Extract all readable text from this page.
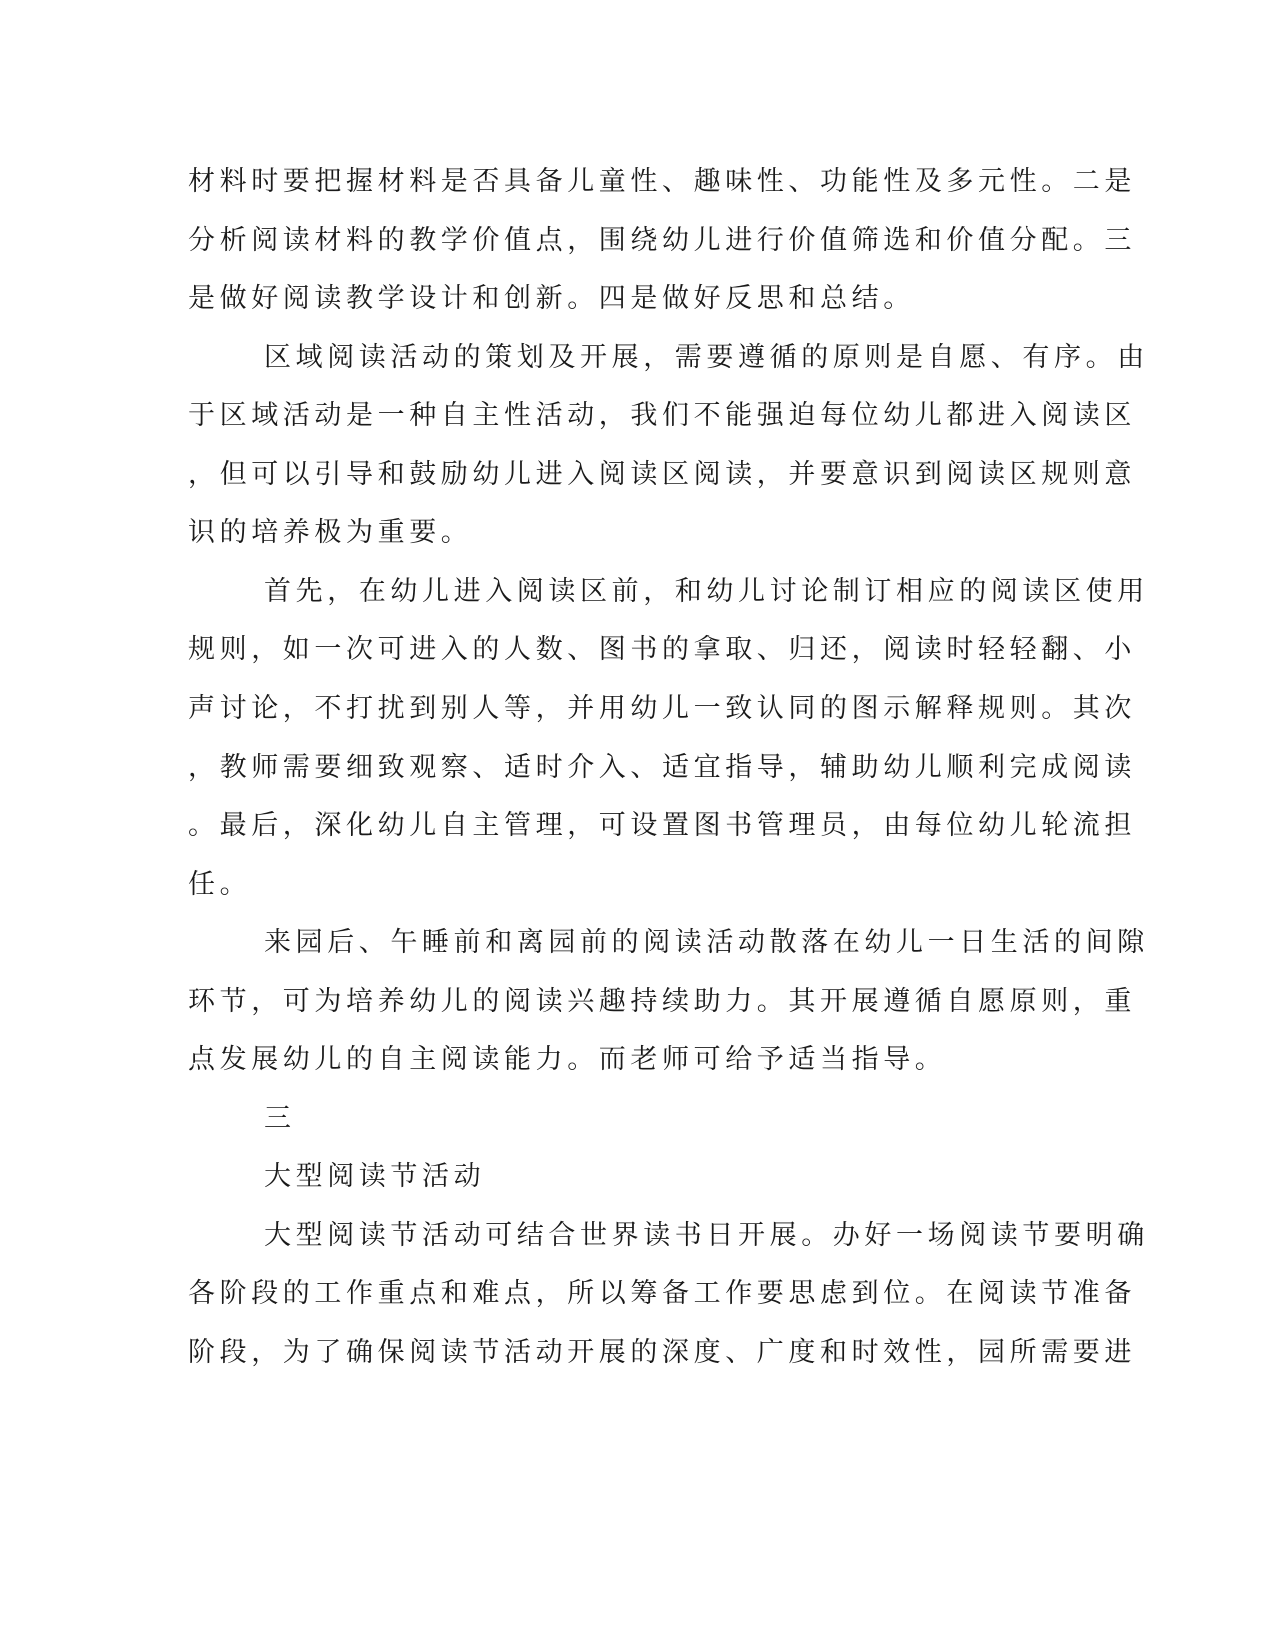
材料时要把握材料是否具备儿童性、趣味性、功能性及多元性。二是
分析阅读材料的教学价值点，围绕幼儿进行价值筛选和价值分配。三
是做好阅读教学设计和创新。四是做好反思和总结。
区域阅读活动的策划及开展，需要遵循的原则是自愿、有序。由
于区域活动是一种自主性活动，我们不能强迫每位幼儿都进入阅读区
，但可以引导和鼓励幼儿进入阅读区阅读，并要意识到阅读区规则意
识的培养极为重要。
首先，在幼儿进入阅读区前，和幼儿讨论制订相应的阅读区使用
规则，如一次可进入的人数、图书的拿取、归还，阅读时轻轻翻、小
声讨论，不打扰到别人等，并用幼儿一致认同的图示解释规则。其次
，教师需要细致观察、适时介入、适宜指导，辅助幼儿顺利完成阅读
。最后，深化幼儿自主管理，可设置图书管理员，由每位幼儿轮流担
任。
来园后、午睡前和离园前的阅读活动散落在幼儿一日生活的间隙
环节，可为培养幼儿的阅读兴趣持续助力。其开展遵循自愿原则，重
点发展幼儿的自主阅读能力。而老师可给予适当指导。
三
大型阅读节活动
大型阅读节活动可结合世界读书日开展。办好一场阅读节要明确
各阶段的工作重点和难点，所以筹备工作要思虑到位。在阅读节准备
阶段，为了确保阅读节活动开展的深度、广度和时效性，园所需要进
